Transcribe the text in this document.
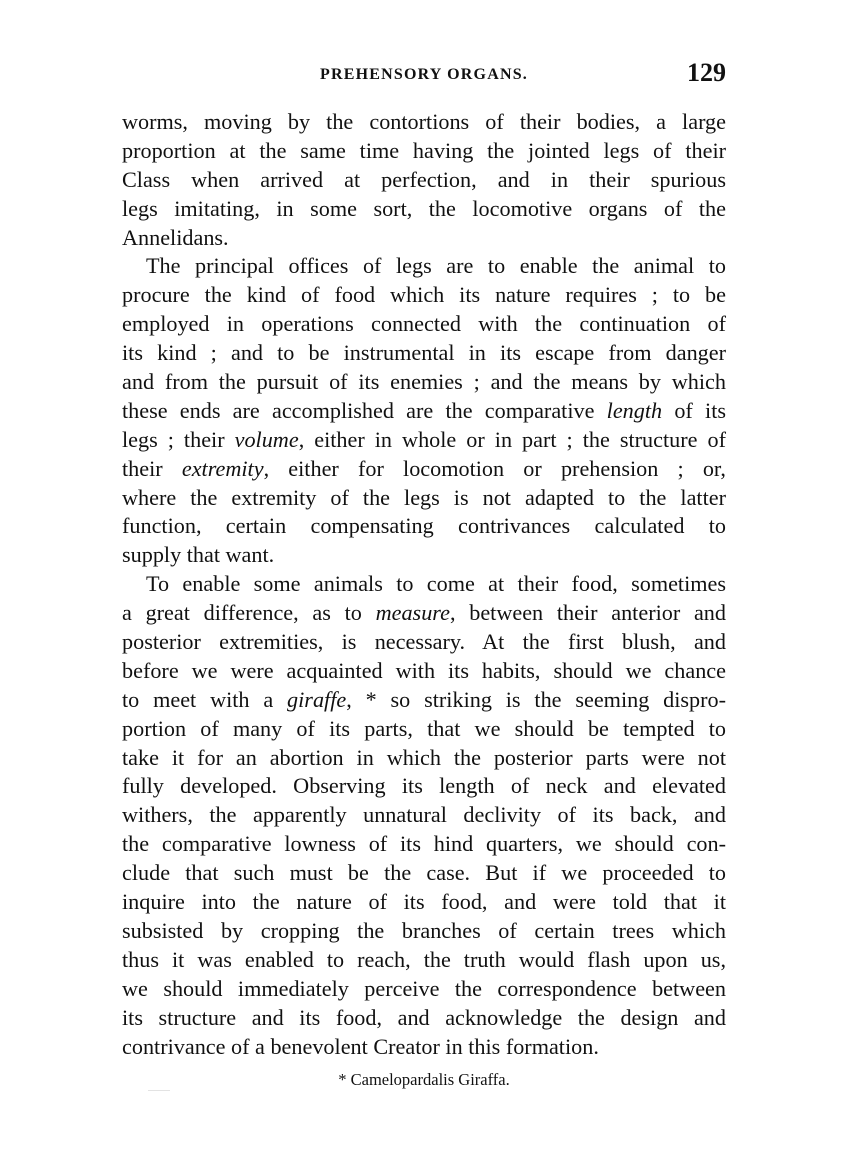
PREHENSORY ORGANS.	129
worms, moving by the contortions of their bodies, a large
proportion at the same time having the jointed legs of their
Class when arrived at perfection, and in their spurious
legs imitating, in some sort, the locomotive organs of the
Annelidans.
The principal offices of legs are to enable the animal to
procure the kind of food which its nature requires ; to be
employed in operations connected with the continuation of
its kind ; and to be instrumental in its escape from danger
and from the pursuit of its enemies ; and the means by which
these ends are accomplished are the comparative length of its
legs ; their volume, either in whole or in part ; the structure of
their extremity, either for locomotion or prehension ; or,
where the extremity of the legs is not adapted to the latter
function, certain compensating contrivances calculated to
supply that want.
To enable some animals to come at their food, sometimes
a great difference, as to measure, between their anterior and
posterior extremities, is necessary. At the first blush, and
before we were acquainted with its habits, should we chance
to meet with a giraffe, * so striking is the seeming dispro-
portion of many of its parts, that we should be tempted to
take it for an abortion in which the posterior parts were not
fully developed. Observing its length of neck and elevated
withers, the apparently unnatural declivity of its back, and
the comparative lowness of its hind quarters, we should con-
clude that such must be the case. But if we proceeded to
inquire into the nature of its food, and were told that it
subsisted by cropping the branches of certain trees which
thus it was enabled to reach, the truth would flash upon us,
we should immediately perceive the correspondence between
its structure and its food, and acknowledge the design and
contrivance of a benevolent Creator in this formation.
* Camelopardalis Giraffa.
